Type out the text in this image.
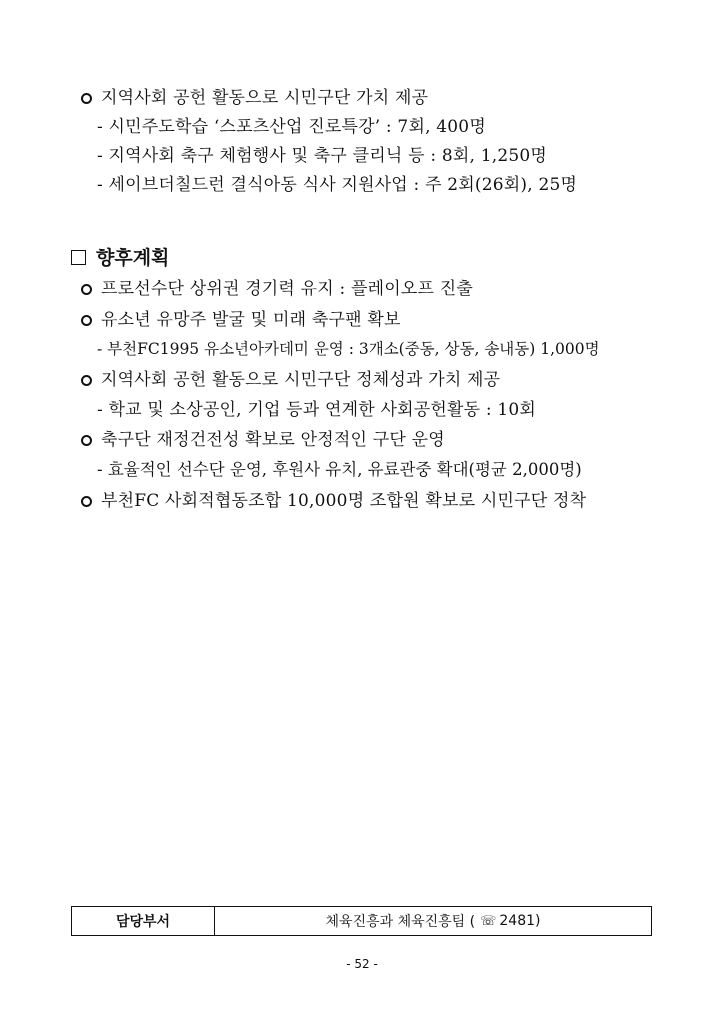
지역사회 공헌 활동으로 시민구단 가치 제공
- 시민주도학습 ‘스포츠산업 진로특강’ : 7회, 400명
- 지역사회 축구 체험행사 및 축구 클리닉 등 : 8회, 1,250명
- 세이브더칠드런 결식아동 식사 지원사업 : 주 2회(26회), 25명
향후계획
프로선수단 상위권 경기력 유지 : 플레이오프 진출
유소년 유망주 발굴 및 미래 축구팬 확보
- 부천FC1995 유소년아카데미 운영 : 3개소(중동, 상동, 송내동) 1,000명
지역사회 공헌 활동으로 시민구단 정체성과 가치 제공
- 학교 및 소상공인, 기업 등과 연계한 사회공헌활동 : 10회
축구단 재정건전성 확보로 안정적인 구단 운영
- 효율적인 선수단 운영, 후원사 유치, 유료관중 확대(평균 2,000명)
부천FC 사회적협동조합 10,000명 조합원 확보로 시민구단 정착
담당부서	체육진흥과 체육진흥팀 ( ☏ 2481)
- 52 -
